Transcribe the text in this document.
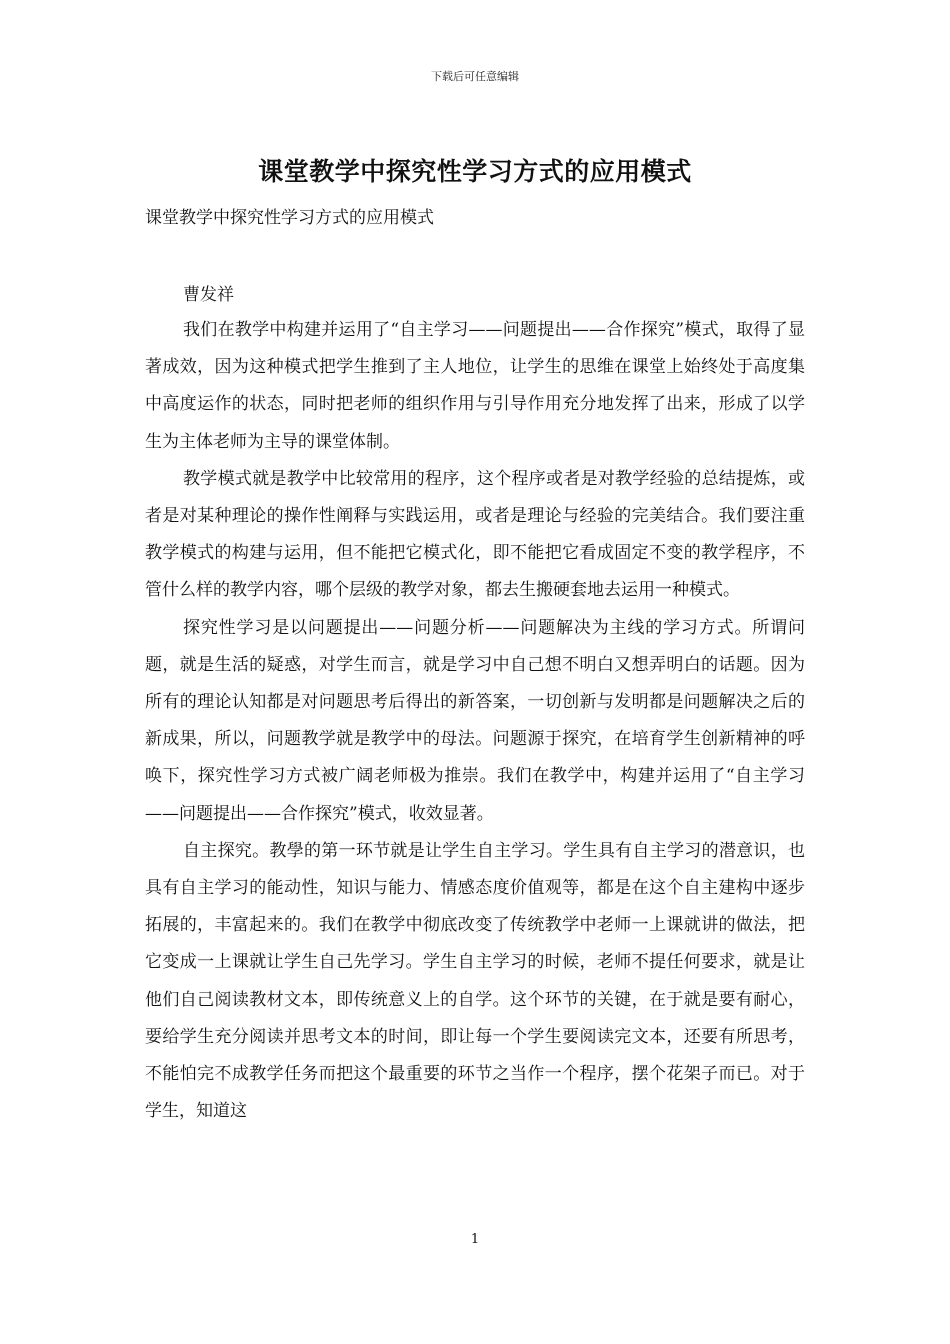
下载后可任意编辑
课堂教学中探究性学习方式的应用模式
课堂教学中探究性学习方式的应用模式
曹发祥

我们在教学中构建并运用了“自主学习——问题提出——合作探究”模式，取得了显著成效，因为这种模式把学生推到了主人地位，让学生的思维在课堂上始终处于高度集中高度运作的状态，同时把老师的组织作用与引导作用充分地发挥了出来，形成了以学生为主体老师为主导的课堂体制。

教学模式就是教学中比较常用的程序，这个程序或者是对教学经验的总结提炼，或者是对某种理论的操作性阐释与实践运用，或者是理论与经验的完美结合。我们要注重教学模式的构建与运用，但不能把它模式化，即不能把它看成固定不变的教学程序，不管什么样的教学内容，哪个层级的教学对象，都去生搬硬套地去运用一种模式。

探究性学习是以问题提出——问题分析——问题解决为主线的学习方式。所谓问题，就是生活的疑惑，对学生而言，就是学习中自己想不明白又想弄明白的话题。因为所有的理论认知都是对问题思考后得出的新答案，一切创新与发明都是问题解决之后的新成果，所以，问题教学就是教学中的母法。问题源于探究，在培育学生创新精神的呼唤下，探究性学习方式被广阔老师极为推崇。我们在教学中，构建并运用了“自主学习——问题提出——合作探究”模式，收效显著。

自主探究。教學的第一环节就是让学生自主学习。学生具有自主学习的潜意识，也具有自主学习的能动性，知识与能力、情感态度价值观等，都是在这个自主建构中逐步拓展的，丰富起来的。我们在教学中彻底改变了传统教学中老师一上课就讲的做法，把它变成一上课就让学生自己先学习。学生自主学习的时候，老师不提任何要求，就是让他们自己阅读教材文本，即传统意义上的自学。这个环节的关键，在于就是要有耐心，要给学生充分阅读并思考文本的时间，即让每一个学生要阅读完文本，还要有所思考，不能怕完不成教学任务而把这个最重要的环节之当作一个程序，摆个花架子而已。对于学生，知道这

1
